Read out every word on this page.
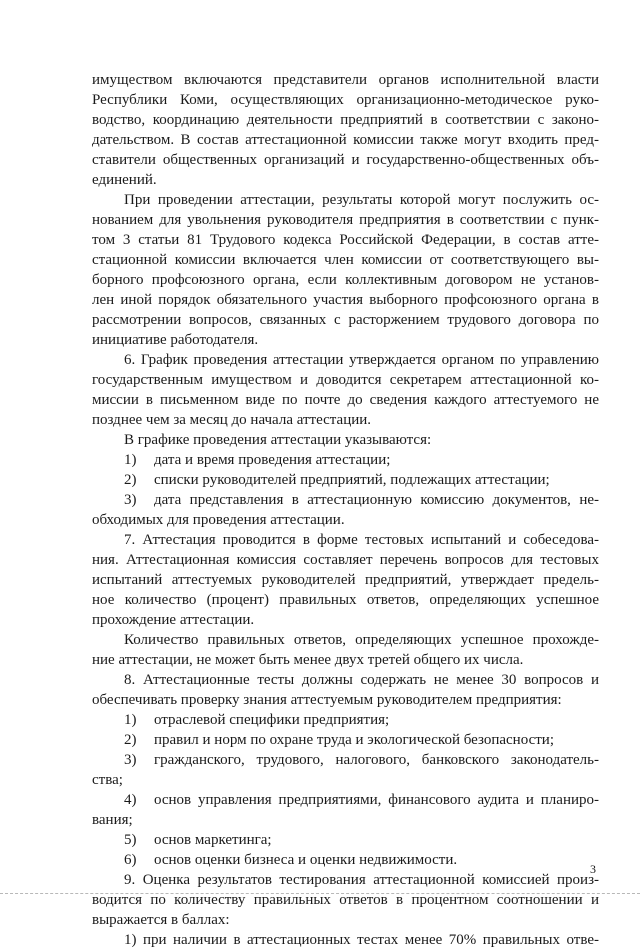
имуществом включаются представители органов исполнительной власти
Республики Коми, осуществляющих организационно-методическое руко-
водство, координацию деятельности предприятий в соответствии с законо-
дательством. В состав аттестационной комиссии также могут входить пред-
ставители общественных организаций и государственно-общественных объ-
единений.
При проведении аттестации, результаты которой могут послужить ос-
нованием для увольнения руководителя предприятия в соответствии с пунк-
том 3 статьи 81 Трудового кодекса Российской Федерации, в состав атте-
стационной комиссии включается член комиссии от соответствующего вы-
борного профсоюзного органа, если коллективным договором не установ-
лен иной порядок обязательного участия выборного профсоюзного органа в
рассмотрении вопросов, связанных с расторжением трудового договора по
инициативе работодателя.
6. График проведения аттестации утверждается органом по управлению
государственным имуществом и доводится секретарем аттестационной ко-
миссии в письменном виде по почте до сведения каждого аттестуемого не
позднее чем за месяц до начала аттестации.
В графике проведения аттестации указываются:
1) дата и время проведения аттестации;
2) списки руководителей предприятий, подлежащих аттестации;
3) дата представления в аттестационную комиссию документов, не-
обходимых для проведения аттестации.
7. Аттестация проводится в форме тестовых испытаний и собеседова-
ния. Аттестационная комиссия составляет перечень вопросов для тестовых
испытаний аттестуемых руководителей предприятий, утверждает предель-
ное количество (процент) правильных ответов, определяющих успешное
прохождение аттестации.
Количество правильных ответов, определяющих успешное прохожде-
ние аттестации, не может быть менее двух третей общего их числа.
8. Аттестационные тесты должны содержать не менее 30 вопросов и
обеспечивать проверку знания аттестуемым руководителем предприятия:
1) отраслевой специфики предприятия;
2) правил и норм по охране труда и экологической безопасности;
3) гражданского, трудового, налогового, банковского законодатель-
ства;
4) основ управления предприятиями, финансового аудита и планиро-
вания;
5) основ маркетинга;
6) основ оценки бизнеса и оценки недвижимости.
9. Оценка результатов тестирования аттестационной комиссией произ-
водится по количеству правильных ответов в процентном соотношении и
выражается в баллах:
1) при наличии в аттестационных тестах менее 70% правильных отве-
3
